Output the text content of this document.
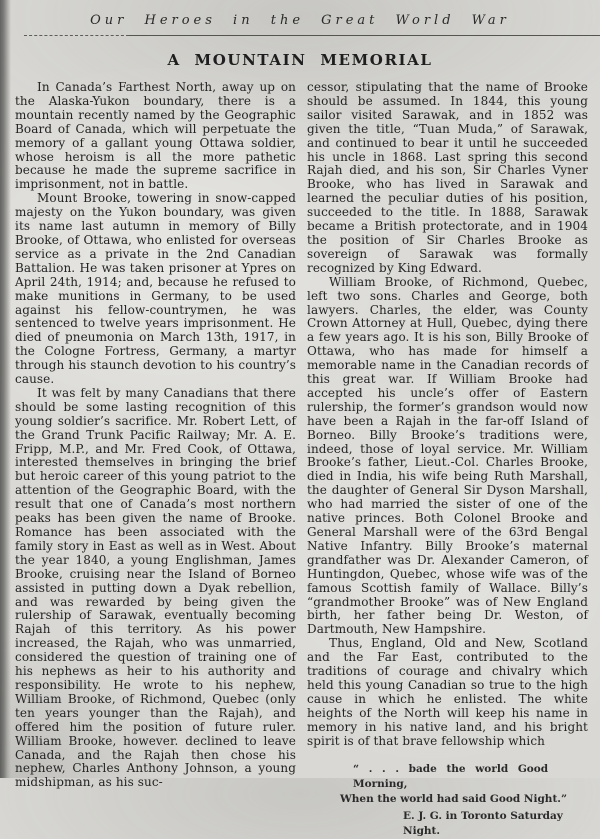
Our Heroes in the Great World War
A MOUNTAIN MEMORIAL

In Canada’s Farthest North, away up on the Alaska-Yukon boundary, there is a mountain recently named by the Geographic Board of Canada, which will perpetuate the memory of a gallant young Ottawa soldier, whose heroism is all the more pathetic because he made the supreme sacrifice in imprisonment, not in battle.

Mount Brooke, towering in snow-capped majesty on the Yukon boundary, was given its name last autumn in memory of Billy Brooke, of Ottawa, who enlisted for overseas service as a private in the 2nd Canadian Battalion. He was taken prisoner at Ypres on April 24th, 1914; and, because he refused to make munitions in Germany, to be used against his fellow-countrymen, he was sentenced to twelve years imprisonment. He died of pneumonia on March 13th, 1917, in the Cologne Fortress, Germany, a martyr through his staunch devotion to his country’s cause.

It was felt by many Canadians that there should be some lasting recognition of this young soldier’s sacrifice. Mr. Robert Lett, of the Grand Trunk Pacific Railway; Mr. A. E. Fripp, M.P., and Mr. Fred Cook, of Ottawa, interested themselves in bringing the brief but heroic career of this young patriot to the attention of the Geographic Board, with the result that one of Canada’s most northern peaks has been given the name of Brooke. Romance has been associated with the family story in East as well as in West. About the year 1840, a young Englishman, James Brooke, cruising near the Island of Borneo assisted in putting down a Dyak rebellion, and was rewarded by being given the rulership of Sarawak, eventually becoming Rajah of this territory. As his power increased, the Rajah, who was unmarried, considered the question of training one of his nephews as heir to his authority and responsibility. He wrote to his nephew, William Brooke, of Richmond, Quebec (only ten years younger than the Rajah), and offered him the position of future ruler. William Brooke, however. declined to leave Canada, and the Rajah then chose his nephew, Charles Anthony Johnson, a young midshipman, as his suc-

cessor, stipulating that the name of Brooke should be assumed. In 1844, this young sailor visited Sarawak, and in 1852 was given the title, “Tuan Muda,” of Sarawak, and continued to bear it until he succeeded his uncle in 1868. Last spring this second Rajah died, and his son, Sir Charles Vyner Brooke, who has lived in Sarawak and learned the peculiar duties of his position, succeeded to the title. In 1888, Sarawak became a British protectorate, and in 1904 the position of Sir Charles Brooke as sovereign of Sarawak was formally recognized by King Edward.

William Brooke, of Richmond, Quebec, left two sons. Charles and George, both lawyers. Charles, the elder, was County Crown Attorney at Hull, Quebec, dying there a few years ago. It is his son, Billy Brooke of Ottawa, who has made for himself a memorable name in the Canadian records of this great war. If William Brooke had accepted his uncle’s offer of Eastern rulership, the former’s grandson would now have been a Rajah in the far-off Island of Borneo. Billy Brooke’s traditions were, indeed, those of loyal service. Mr. William Brooke’s father, Lieut.-Col. Charles Brooke, died in India, his wife being Ruth Marshall, the daughter of General Sir Dyson Marshall, who had married the sister of one of the native princes. Both Colonel Brooke and General Marshall were of the 63rd Bengal Native Infantry. Billy Brooke’s maternal grandfather was Dr. Alexander Cameron, of Huntingdon, Quebec, whose wife was of the famous Scottish family of Wallace. Billy’s “grandmother Brooke” was of New England birth, her father being Dr. Weston, of Dartmouth, New Hampshire.

Thus, England, Old and New, Scotland and the Far East, contributed to the traditions of courage and chivalry which held this young Canadian so true to the high cause in which he enlisted. The white heights of the North will keep his name in memory in his native land, and his bright spirit is of that brave fellowship which

“ . . . bade the world Good Morning,
When the world had said Good Night.”
E. J. G. in Toronto Saturday Night.
